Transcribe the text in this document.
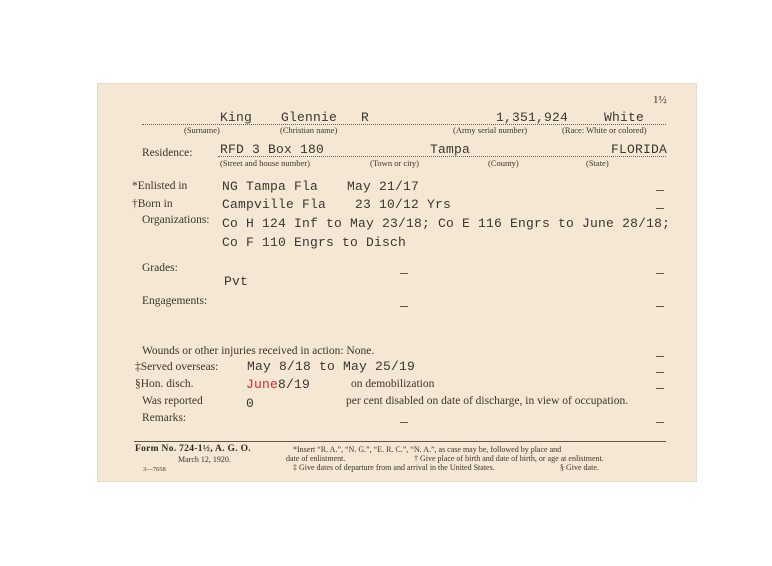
1½
King Glennie R	1,351,924	White
(Surname)	(Christian name)	(Army serial number)	(Race: White or colored)
Residence: RFD 3 Box 180	Tampa	FLORIDA
(Street and house number)	(Town or city)	(County)	(State)
*Enlisted in	NG Tampa Fla May 21/17
†Born in	Campville Fla 23 10/12 Yrs
Organizations: Co H 124 Inf to May 23/18; Co E 116 Engrs to June 28/18;
Co F 110 Engrs to Disch
Grades:
Pvt
Engagements:
Wounds or other injuries received in action: None.
‡Served overseas: May 8/18 to May 25/19
§Hon. disch.	June8/19	on demobilization
Was reported	0	per cent disabled on date of discharge, in view of occupation.
Remarks:
Form No. 724-1½, A. G. O.
March 12, 1920.
3—7658
*Insert “R. A.”, “N. G.”, “E. R. C.”, “N. A.”, as case may be, followed by place and
date of enlistment.	† Give place of birth and date of birth, or age at enlistment.
‡ Give dates of departure from and arrival in the United States.	§ Give date.
